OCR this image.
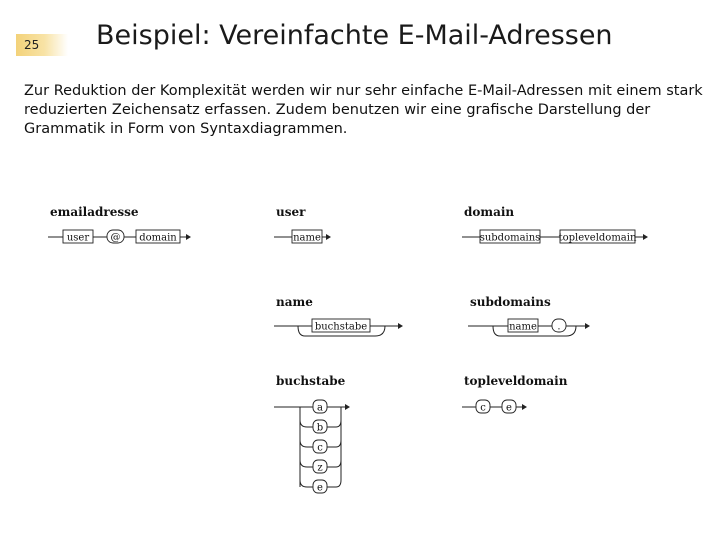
25	Beispiel: Vereinfachte E-Mail-Adressen
Zur Reduktion der Komplexität werden wir nur sehr einfache E-Mail-Adressen mit einem stark
reduzierten Zeichensatz erfassen. Zudem benutzen wir eine grafische Darstellung der
Grammatik in Form von Syntaxdiagrammen.
emailadresse
user @ domain
user
name
domain
subdomains topleveldomain
name
buchstabe
subdomains
name .
buchstabe
a
b
c
z
e
topleveldomain
c e
